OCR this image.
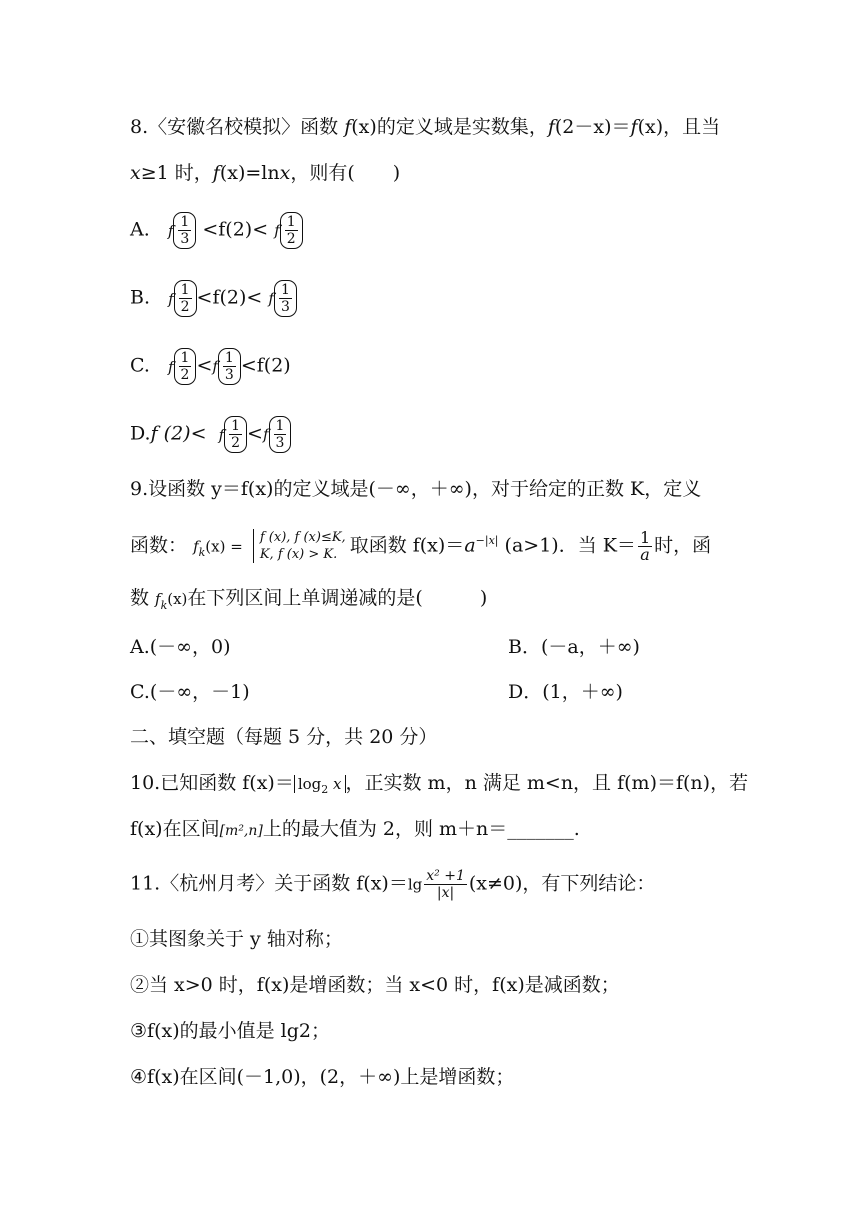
8.〈安徽名校模拟〉函数 f(x)的定义域是实数集，f(2－x)＝f(x)，且当
x≥1 时，f(x)=lnx，则有(　　)
A. f $\frac{1}{3} <f(2)< f \frac{1}{2}$
B. f $\frac{1}{2} <f(2)< f \frac{1}{3}$
C. f $\frac{1}{2} <f \frac{1}{3} <f(2)$
D.f (2)< f $\frac{1}{2} <f \frac{1}{3}$
9.设函数 y＝f(x)的定义域是(－∞，＋∞)，对于给定的正数 K，定义
函数： $f_k(x) = f$ (x), f (x)≤K,
K, f (x) > K. 取函数 $f(x)=a^{-|x|}$ (a>1)．当 $K= \frac{1}{a}$ 时，函
数 $f_k(x)$在下列区间上单调递减的是(　　　)
A.(－∞，0)	B．(－a，＋∞)
C.(－∞，－1)	D．(1，＋∞)
二、填空题（每题 5 分，共 20 分）
10.已知函数 $f(x)= \log_2 x$ ，正实数 m，n 满足 m<n，且 f(m)＝f(n)，若
f(x)在区间[m²,n]上的最大值为 2，则 m＋n＝_______.
11.〈杭州月考〉关于函数 $f(x)=\lg \frac{\text{x² +1}}{|x|} (x\ne 0)$，有下列结论：
①其图象关于 y 轴对称；
②当 x>0 时，f(x)是增函数；当 x<0 时，f(x)是减函数；
③f(x)的最小值是 lg2；
④f(x)在区间(－1,0)，(2，＋∞)上是增函数；
